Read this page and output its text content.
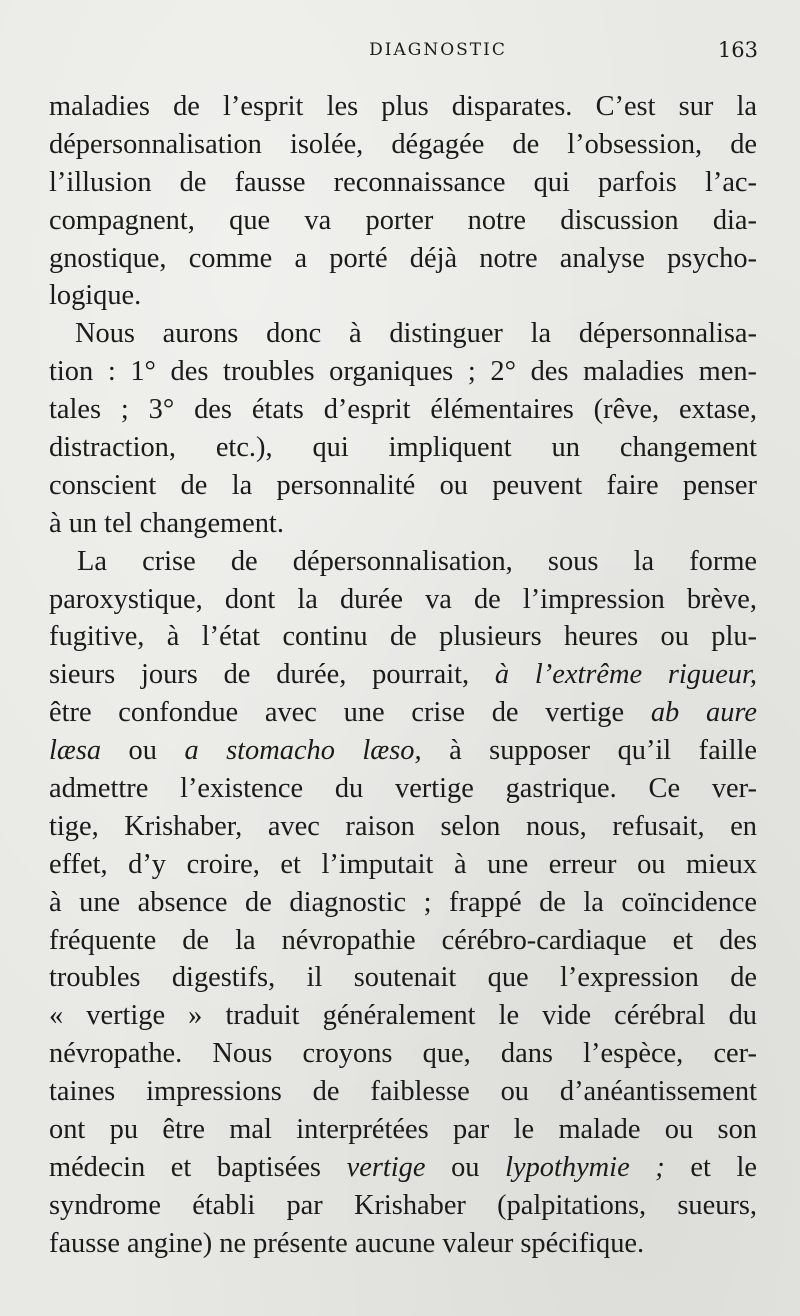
DIAGNOSTIC	163
maladies de l’esprit les plus disparates. C’est sur la
dépersonnalisation isolée, dégagée de l’obsession, de
l’illusion de fausse reconnaissance qui parfois l’ac-
compagnent, que va porter notre discussion dia-
gnostique, comme a porté déjà notre analyse psycho-
logique.
Nous aurons donc à distinguer la dépersonnalisa-
tion : 1° des troubles organiques ; 2° des maladies men-
tales ; 3° des états d’esprit élémentaires (rêve, extase,
distraction, etc.), qui impliquent un changement
conscient de la personnalité ou peuvent faire penser
à un tel changement.
La crise de dépersonnalisation, sous la forme
paroxystique, dont la durée va de l’impression brève,
fugitive, à l’état continu de plusieurs heures ou plu-
sieurs jours de durée, pourrait, à l’extrême rigueur,
être confondue avec une crise de vertige ab aure
læsa ou a stomacho læso, à supposer qu’il faille
admettre l’existence du vertige gastrique. Ce ver-
tige, Krishaber, avec raison selon nous, refusait, en
effet, d’y croire, et l’imputait à une erreur ou mieux
à une absence de diagnostic ; frappé de la coïncidence
fréquente de la névropathie cérébro-cardiaque et des
troubles digestifs, il soutenait que l’expression de
« vertige » traduit généralement le vide cérébral du
névropathe. Nous croyons que, dans l’espèce, cer-
taines impressions de faiblesse ou d’anéantissement
ont pu être mal interprétées par le malade ou son
médecin et baptisées vertige ou lypothymie ; et le
syndrome établi par Krishaber (palpitations, sueurs,
fausse angine) ne présente aucune valeur spécifique.
